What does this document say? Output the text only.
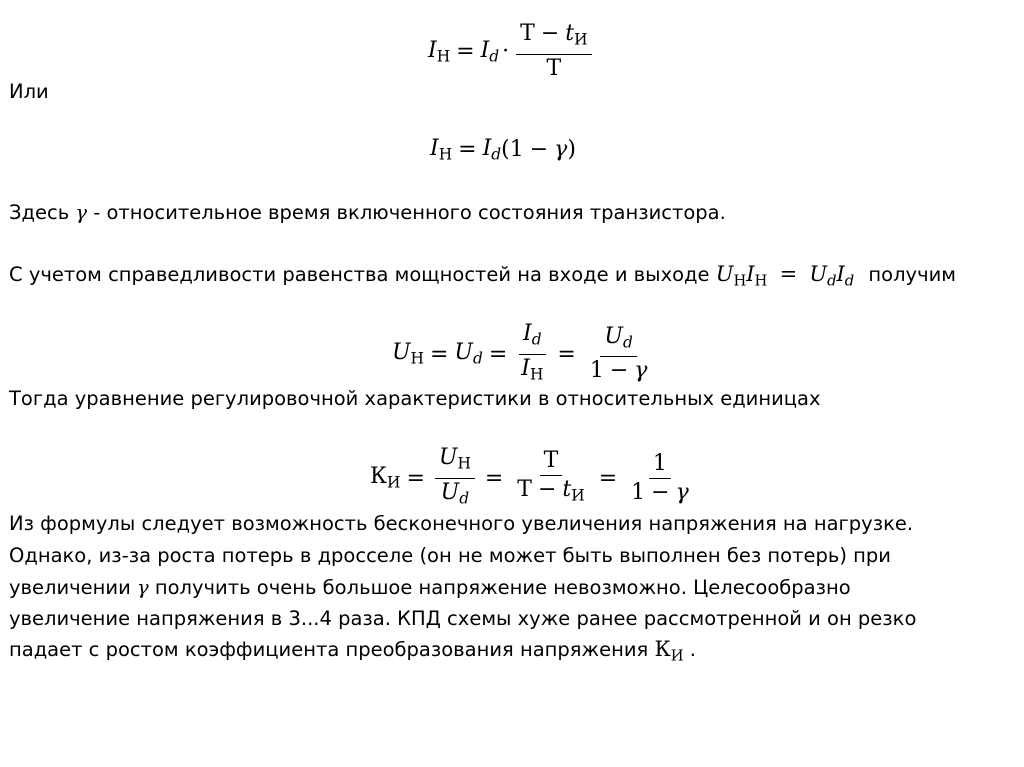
$I_Н = I_d \cdot \frac{Т - t_И}{Т}$
Или
$I_Н = I_d$ ( 1 − γ )
Здесь γ - относительное время включенного состояния транзистора.
С учетом справедливости равенства мощностей на входе и выходе $U_НI_Н = U_dI_d$ получим
$U_Н = U_d = \frac{I_d}{I_Н} = \frac{U_d}{1 - \gamma}$
Тогда уравнение регулировочной характеристики в относительных единицах
$К_И = \frac{U_Н}{U_d} = \frac{Т}{Т - t_И} = \frac{1}{1 - \gamma}$
Из формулы следует возможность бесконечного увеличения напряжения на нагрузке.
Однако, из-за роста потерь в дросселе (он не может быть выполнен без потерь) при
увеличении γ получить очень большое напряжение невозможно. Целесообразно
увеличение напряжения в 3...4 раза. КПД схемы хуже ранее рассмотренной и он резко
падает с ростом коэффициента преобразования напряжения $К_И$ .
